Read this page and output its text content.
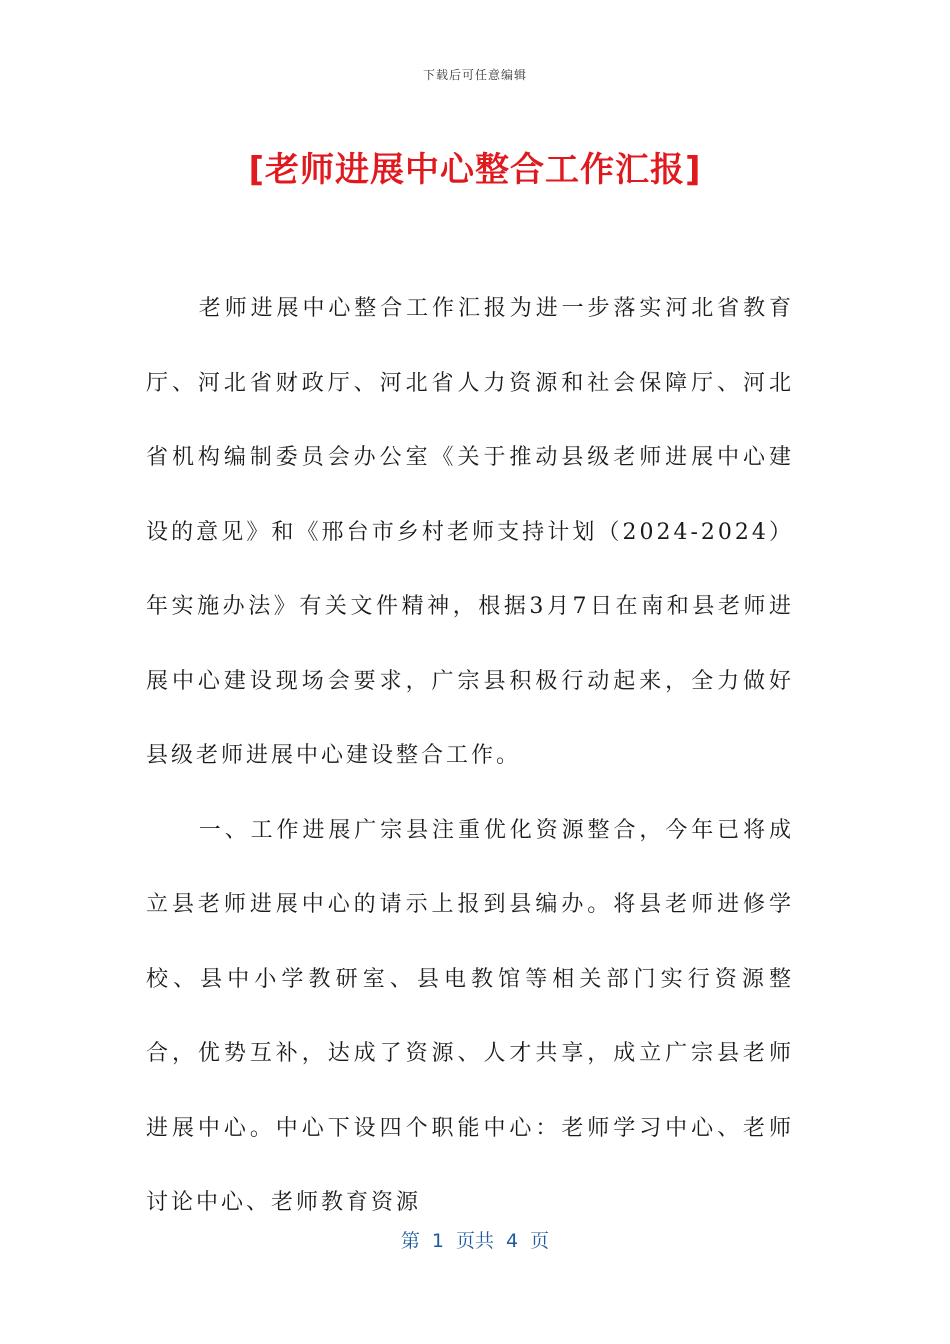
下载后可任意编辑
[老师进展中心整合工作汇报]

老师进展中心整合工作汇报为进一步落实河北省教育厅、河北省财政厅、河北省人力资源和社会保障厅、河北省机构编制委员会办公室《关于推动县级老师进展中心建设的意见》和《邢台市乡村老师支持计划（2024-2024）年实施办法》有关文件精神，根据3月7日在南和县老师进展中心建设现场会要求，广宗县积极行动起来，全力做好县级老师进展中心建设整合工作。

一、工作进展广宗县注重优化资源整合，今年已将成立县老师进展中心的请示上报到县编办。将县老师进修学校、县中小学教研室、县电教馆等相关部门实行资源整合，优势互补，达成了资源、人才共享，成立广宗县老师进展中心。中心下设四个职能中心：老师学习中心、老师讨论中心、老师教育资源

第 1 页共 4 页
